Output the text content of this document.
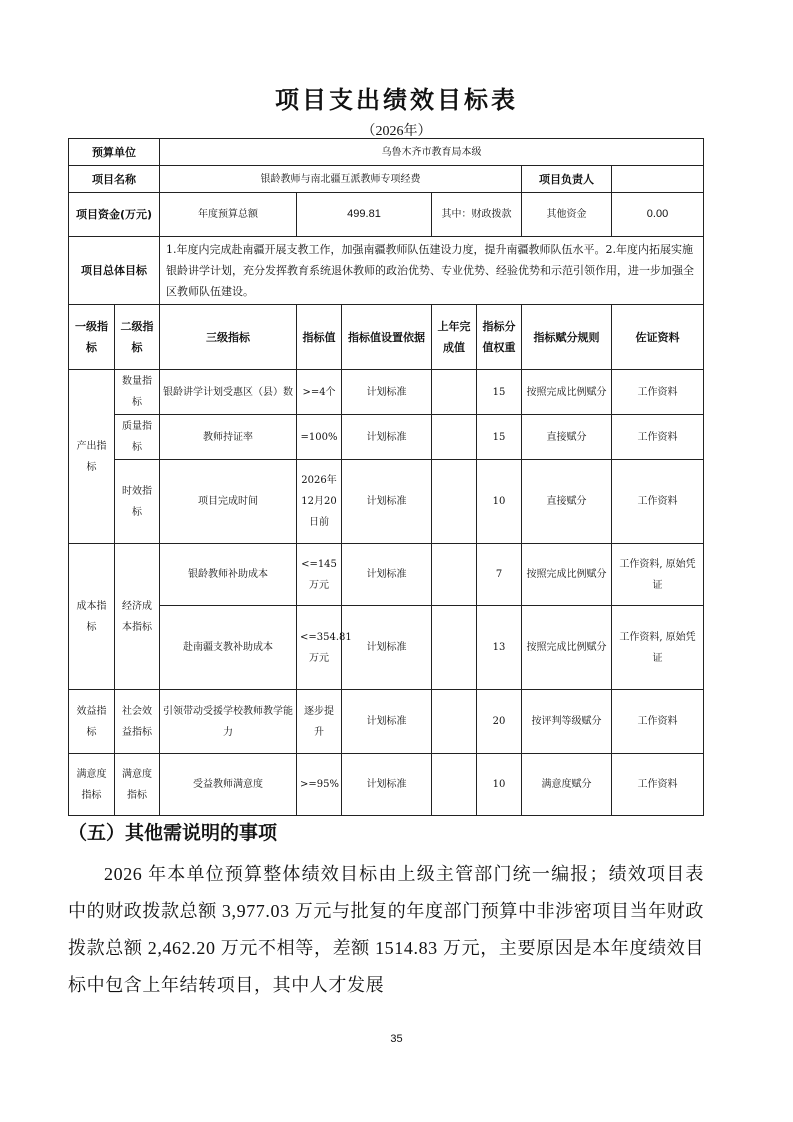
项目支出绩效目标表
（2026年）
预算单位		乌鲁木齐市教育局本级						
项目名称		银龄教师与南北疆互派教师专项经费					项目负责人	
项目资金(万元)		年度预算总额	499.81		其中：财政拨款		其他资金	0.00
项目总体目标		1.年度内完成赴南疆开展支教工作，加强南疆教师队伍建设力度，提升南疆教师队伍水平。2.年度内拓展实施银龄讲学计划，充分发挥教育系统退休教师的政治优势、专业优势、经验优势和示范引领作用，进一步加强全区教师队伍建设。						
一级指标	二级指标	三级指标	指标值	指标值设置依据	上年完成值	指标分值权重	指标赋分规则	佐证资料
产出指标	数量指标	银龄讲学计划受惠区（县）数	>=4个	计划标准		15	按照完成比例赋分	工作资料
	质量指标	教师持证率	=100%	计划标准		15	直接赋分	工作资料
	时效指标	项目完成时间	2026年12月20日前	计划标准		10	直接赋分	工作资料
成本指标	经济成本指标	银龄教师补助成本	<=145万元	计划标准		7	按照完成比例赋分	工作资料, 原始凭证
		赴南疆支教补助成本	<=354.81万元	计划标准		13	按照完成比例赋分	工作资料, 原始凭证
效益指标	社会效益指标	引领带动受援学校教师教学能力	逐步提升	计划标准		20	按评判等级赋分	工作资料
满意度指标	满意度指标	受益教师满意度	>=95%	计划标准		10	满意度赋分	工作资料
（五）其他需说明的事项
2026 年本单位预算整体绩效目标由上级主管部门统一编报；绩效项目表中的财政拨款总额 3,977.03 万元与批复的年度部门预算中非涉密项目当年财政拨款总额 2,462.20 万元不相等，差额 1514.83 万元，主要原因是本年度绩效目标中包含上年结转项目，其中人才发展
35
